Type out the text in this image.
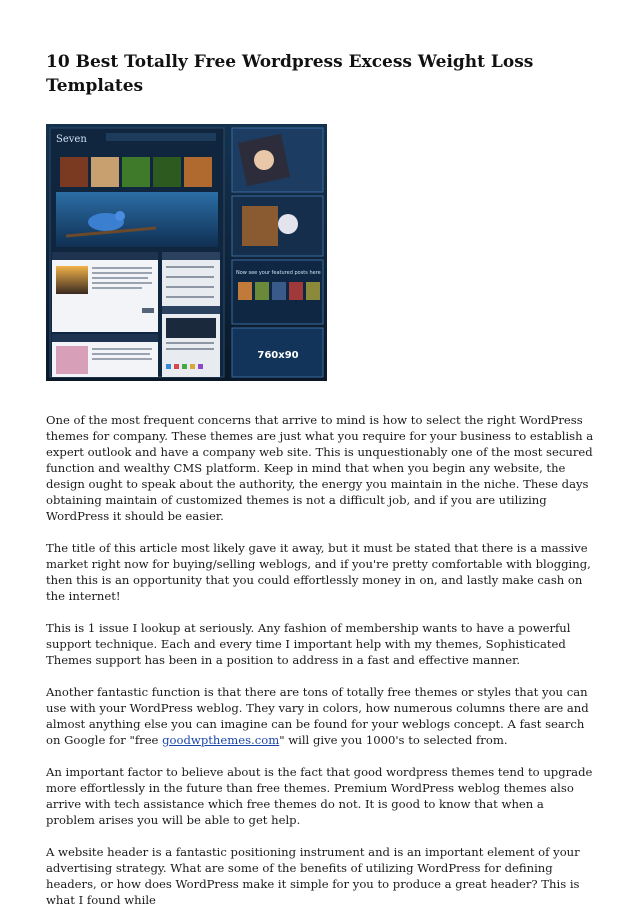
10 Best Totally Free Wordpress Excess Weight Loss Templates
Seven
Now see your featured posts here
760x90

One of the most frequent concerns that arrive to mind is how to select the right WordPress themes for company. These themes are just what you require for your business to establish a expert outlook and have a company web site. This is unquestionably one of the most secured function and wealthy CMS platform. Keep in mind that when you begin any website, the design ought to speak about the authority, the energy you maintain in the niche. These days obtaining maintain of customized themes is not a difficult job, and if you are utilizing WordPress it should be easier.

The title of this article most likely gave it away, but it must be stated that there is a massive market right now for buying/selling weblogs, and if you're pretty comfortable with blogging, then this is an opportunity that you could effortlessly money in on, and lastly make cash on the internet!

This is 1 issue I lookup at seriously. Any fashion of membership wants to have a powerful support technique. Each and every time I important help with my themes, Sophisticated Themes support has been in a position to address in a fast and effective manner.

Another fantastic function is that there are tons of totally free themes or styles that you can use with your WordPress weblog. They vary in colors, how numerous columns there are and almost anything else you can imagine can be found for your weblogs concept. A fast search on Google for "free goodwpthemes.com" will give you 1000's to selected from.

An important factor to believe about is the fact that good wordpress themes tend to upgrade more effortlessly in the future than free themes. Premium WordPress weblog themes also arrive with tech assistance which free themes do not. It is good to know that when a problem arises you will be able to get help.

A website header is a fantastic positioning instrument and is an important element of your advertising strategy. What are some of the benefits of utilizing WordPress for defining headers, or how does WordPress make it simple for you to produce a great header? This is what I found while
